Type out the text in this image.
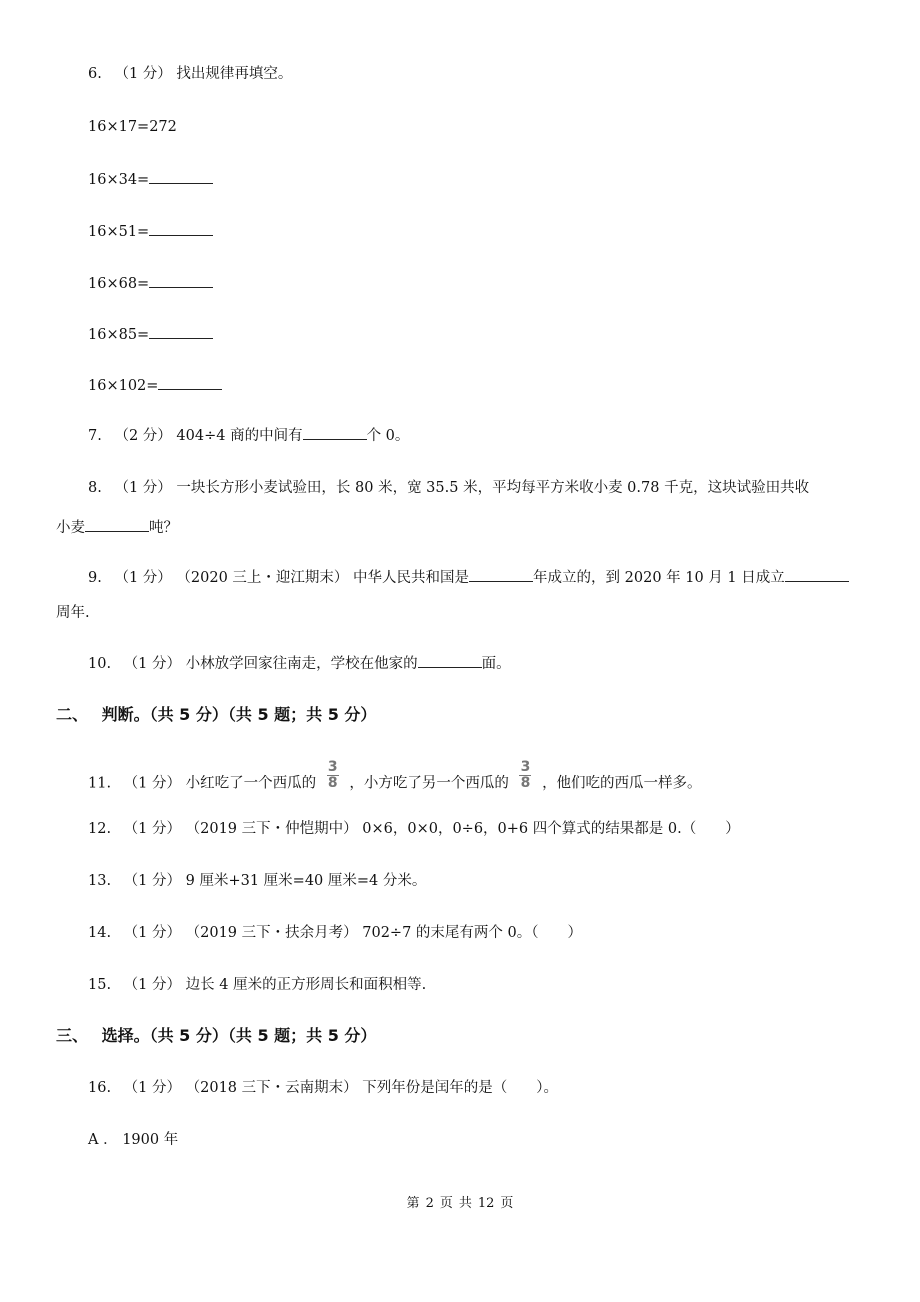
6. （1 分） 找出规律再填空。
16×17=272
16×34=
16×51=
16×68=
16×85=
16×102=
7. （2 分） 404÷4 商的中间有	个 0。
8. （1 分） 一块长方形小麦试验田，长 80 米，宽 35.5 米，平均每平方米收小麦 0.78 千克，这块试验田共收
小麦	吨？
9. （1 分） （2020 三上・迎江期末） 中华人民共和国是	年成立的，到 2020 年 10 月 1 日成立
周年.
10. （1 分） 小林放学回家往南走，学校在他家的	面。
二、 判断。（共 5 分）（共 5 题；共 5 分）
11. （1 分） 小红吃了一个西瓜的 $\frac{3}{8}$ ，小方吃了另一个西瓜的 $\frac{3}{8}$ ，他们吃的西瓜一样多。
12. （1 分） （2019 三下・仲恺期中） 0×6，0×0，0÷6，0+6 四个算式的结果都是 0.（　　）
13. （1 分） 9 厘米+31 厘米=40 厘米=4 分米。
14. （1 分） （2019 三下・扶余月考） 702÷7 的末尾有两个 0。（　　）
15. （1 分） 边长 4 厘米的正方形周长和面积相等.
三、 选择。（共 5 分）（共 5 题；共 5 分）
16. （1 分） （2018 三下・云南期末） 下列年份是闰年的是（　　）。
A ． 1900 年
第 2 页 共 12 页
